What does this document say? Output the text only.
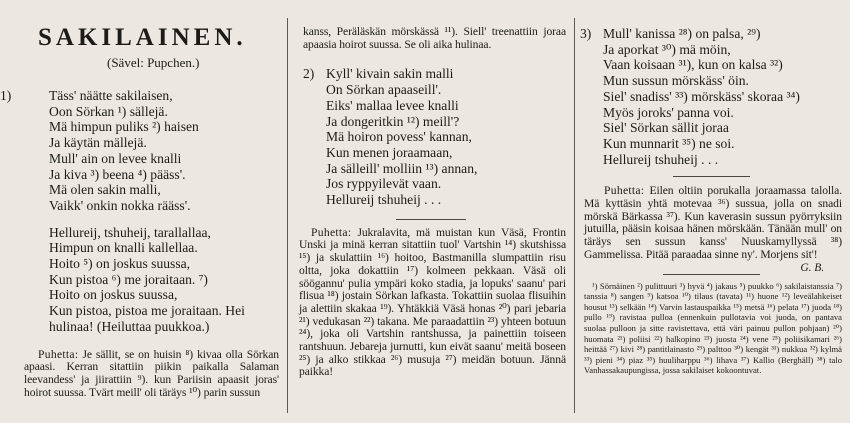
SAKILAINEN.
(Sävel: Pupchen.)
1)	Täss' näätte sakilaisen,
Oon Sörkan ¹) sällejä.
Mä himpun puliks ²) haisen
Ja käytän mällejä.
Mull' ain on levee knalli
Ja kiva ³) beena ⁴) pääss'.
Mä olen sakin malli,
Vaikk' onkin nokka rääss'.
Hellureij, tshuheij, tarallallaa,
Himpun on knalli kallellaa.
Hoito ⁵) on joskus suussa,
Kun pistoa ⁶) me joraitaan. ⁷)
Hoito on joskus suussa,
Kun pistoa, pistoa me joraitaan. Hei
hulinaa! (Heiluttaa puukkoa.)
Puhetta: Je sällit, se on huisin ⁸) kivaa olla Sörkan apaasi. Kerran sitattiin piikin paikalla Salaman leevandess' ja jiirattiin ⁹). kun Pariisin apaasit joras' hoirot suussa. Tvärt meill' oli täräys ¹⁰) parin sussun
kanss, Peräläskän mörskässä ¹¹). Siell' treenattiin joraa apaasia hoirot suussa. Se oli aika hulinaa.
2) Kyll' kivain sakin malli
On Sörkan apaaseill'.
Eiks' mallaa levee knalli
Ja dongeritkin ¹²) meill'?
Mä hoiron povess' kannan,
Kun menen joraamaan,
Ja sälleill' molliin ¹³) annan,
Jos ryppyilevät vaan.
Hellureij tshuheij . . .
Puhetta: Jukralavita, mä muistan kun Väsä, Frontin Unski ja minä kerran sitattiin tuol' Vartshin ¹⁴) skutshissa ¹⁵) ja skulattiin ¹⁶) hoitoo, Bastmanilla slumpattiin risu oltta, joka dokattiin ¹⁷) kolmeen pekkaan. Väsä oli söögannu' pulia ympäri koko stadia, ja lopuks' saanu' pari flisua ¹⁸) jostain Sörkan lafkasta. Tokattiin suolaa flisuihin ja alettiin skakaa ¹⁹). Yhtäkkiä Väsä honas ²⁰) pari jebaria ²¹) vedukasan ²²) takana. Me paraadattiin ²³) yhteen botuun ²⁴), joka oli Vartshin rantshussa, ja painettiin toiseen rantshuun. Jebareja jurnutti, kun eivät saanu' meitä boseen ²⁵) ja alko stikkaa ²⁶) musuja ²⁷) meidän botuun. Jännä paikka!
3) Mull' kanissa ²⁸) on palsa, ²⁹)
Ja aporkat ³⁰) mä möin,
Vaan koisaan ³¹), kun on kalsa ³²)
Mun sussun mörskäss' öin.
Siel' snadiss' ³³) mörskäss' skoraa ³⁴)
Myös joroks' panna voi.
Siel' Sörkan sällit joraa
Kun munnarit ³⁵) ne soi.
Hellureij tshuheij . . .
Puhetta: Eilen oltiin porukalla joraamassa talolla. Mä kyttäsin yhtä motevaa ³⁶) sussua, jolla on snadi mörskä Bärkassa ³⁷). Kun kaverasin sussun pyörryksiin jutuilla, pääsin koisaa hänen mörskään. Tänään mull' on täräys sen sussun kanss' Nuuskamyllyssä ³⁸) Gammelissa. Pitää paraadaa sinne ny'. Morjens sit'!
G. B.
¹) Sörnäinen ²) pulittuuri ³) hyvä ⁴) jakaus ⁵) puukko ⁶) sakilaistanssia ⁷) tanssia ⁸) sangen ⁹) katsoa ¹⁰) tilaus (tavata) ¹¹) huone ¹²) leveälahkeiset housut ¹³) selkään ¹⁴) Varvin lastauspaikka ¹⁵) metsä ¹⁶) pelata ¹⁷) juoda ¹⁸) pullo ¹⁹) ravistaa pulloa (ennenkuin pullotavia voi juoda, on pantava suolaa pulloon ja sitte ravistettava, että väri painuu pullon pohjaan) ²⁰) huomata ²¹) poliisi ²²) halkopino ²³) juosta ²⁴) vene ²⁵) poliisikamari ²⁶) heittää ²⁷) kivi ²⁸) pantitlainasto ²⁹) palttoo ³⁰) kengät ³¹) nukkua ³²) kylmä ³³) pieni ³⁴) piaz ³⁵) huuliharppu ³⁶) lihava ³⁷) Kallio (Berghäll) ³⁸) talo Vanhassakaupungissa, jossa sakilaiset kokoontuvat.
